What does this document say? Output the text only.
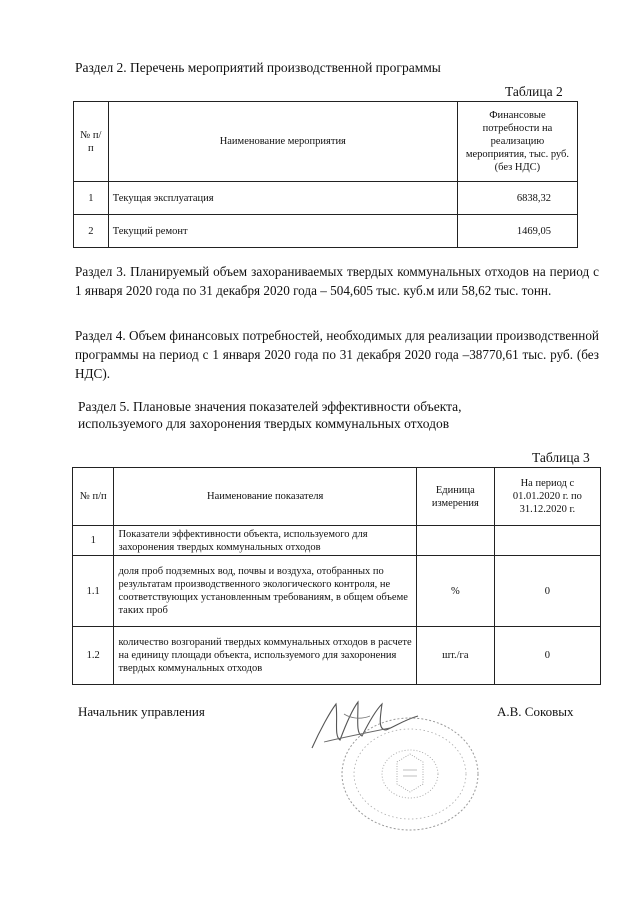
Раздел 2. Перечень мероприятий производственной программы
Таблица 2
№ п/п	Наименование мероприятия	Финансовые потребности на реализацию мероприятия, тыс. руб. (без НДС)
1	Текущая эксплуатация	6838,32
2	Текущий ремонт	1469,05
Раздел 3. Планируемый объем захораниваемых твердых коммунальных отходов на период с 1 января 2020 года по 31 декабря 2020 года – 504,605 тыс. куб.м или 58,62 тыс. тонн.
Раздел 4. Объем финансовых потребностей, необходимых для реализации производственной программы на период с 1 января 2020 года по 31 декабря 2020 года –38770,61 тыс. руб. (без НДС).
Раздел 5. Плановые значения показателей эффективности объекта,
используемого для захоронения твердых коммунальных отходов
Таблица 3
№ п/п	Наименование показателя	Единица измерения	На период с 01.01.2020 г. по 31.12.2020 г.
1	Показатели эффективности объекта, используемого для захоронения твердых коммунальных отходов		
1.1	доля проб подземных вод, почвы и воздуха, отобранных по результатам производственного экологического контроля, не соответствующих установленным требованиям, в общем объеме таких проб	%	0
1.2	количество возгораний твердых коммунальных отходов в расчете на единицу площади объекта, используемого для захоронения твердых коммунальных отходов	шт./га	0
Начальник управления	А.В. Соковых
